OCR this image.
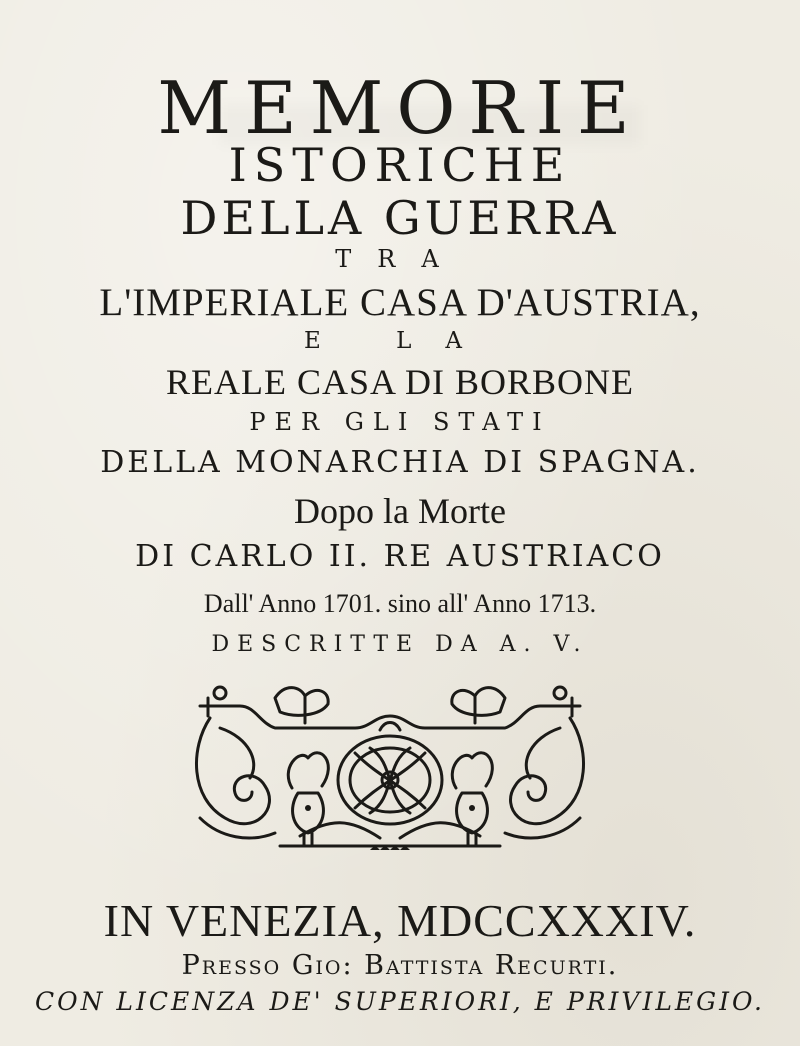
MEMORIE
ISTORICHE
DELLA GUERRA
TRA
L'IMPERIALE CASA D'AUSTRIA,
E LA
REALE CASA DI BORBONE
PER GLI STATI
DELLA MONARCHIA DI SPAGNA.
Dopo la Morte
DI CARLO II. RE AUSTRIACO
Dall' Anno 1701. sino all' Anno 1713.
DESCRITTE DA A. V.
IN VENEZIA, MDCCXXXIV.
Presso Gio: Battista Recurti.
CON LICENZA DE' SUPERIORI, E PRIVILEGIO.
